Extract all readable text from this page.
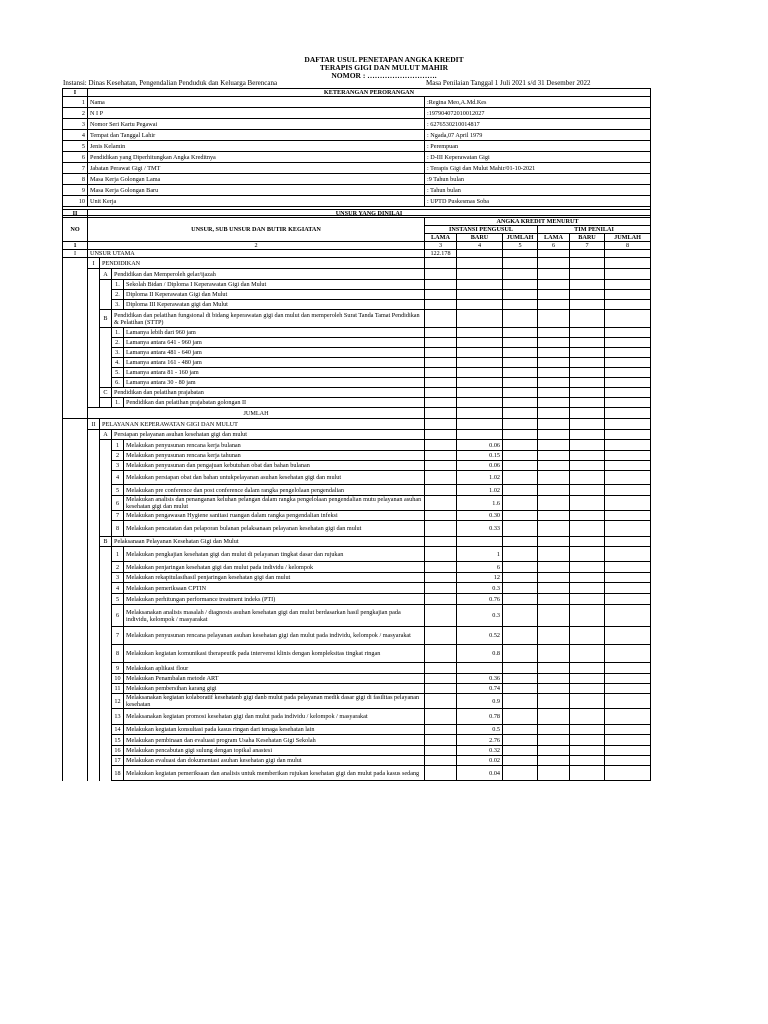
DAFTAR USUL PENETAPAN ANGKA KREDIT
TERAPIS GIGI DAN MULUT MAHIR
NOMOR : ……………………….
Instansi: Dinas Kesehatan, Pengendalian Penduduk dan Keluarga Berencana	Masa Penilaian Tanggal 1 Juli 2021 s/d 31 Desember 2022
I	KETERANGAN PERORANGAN	
1	Nama	:Regina Meo,A.Md.Kes
2	N I P	:197904072010012027
3	Nomor Seri Kartu Pegawai	: 6276530210014817
4	Tempat dan Tanggal Lahir	: Ngada,07 April 1979
5	Jenis Kelamin	: Perempuan
6	Pendidikan yang Diperhitungkan Angka Kreditnya	: D-III Keperawatan Gigi
7	Jabatan Perawat Gigi / TMT	: Terapis Gigi dan Mulut Mahir/01-10-2021
8	Masa Kerja Golongan Lama	:9 Tahun bulan
9	Masa Kerja Golongan Baru	: Tahun bulan
10	Unit Kerja	: UPTD Puskesmas Soba

II	UNSUR YANG DINILAI									
NO	UNSUR, SUB UNSUR DAN BUTIR KEGIATAN				ANGKA KREDIT MENURUT					
					INSTANSI PENGUSUL			TIM PENILAI		
					LAMA	BARU	JUMLAH	LAMA	BARU	JUMLAH
1	2				3	4	5	6	7	8
I	UNSUR UTAMA				122.178					
	I	PENDIDIKAN								
		A	Pendidikan dan Memperoleh gelar/ijazah							
			1.	Sekolah Bidan / Diploma I Keperawatan Gigi dan Mulut						
			2.	Diploma II Keperawatan Gigi dan Mulut						
			3.	Diploma III Keperawatan gigi dan Mulut						
		B	Pendidikan dan pelatihan fungsional di bidang keperawatan gigi dan mulut dan memperoleh Surat Tanda Tamat Pendidikan & Pelatihan (STTP)							
			1.	Lamanya lebih dari 960 jam						
			2.	Lamanya antara 641 - 960 jam						
			3.	Lamanya antara 481 - 640 jam						
			4.	Lamanya antara 161 - 480 jam						
			5.	Lamanya antara 81 - 160 jam						
			6.	Lamanya antara 30 - 80 jam						
		C	Pendidikan dan pelatihan prajabatan							
			1.	Pendidikan dan pelatihan prajabatan golongan II						
	JUMLAH									
	II	PELAYANAN KEPERAWATAN GIGI DAN MULUT								
		A	Persiapan pelayanan asuhan kesehatan gigi dan mulut							
			1	Melakukan penyusunan rencana kerja bulanan		0.06				
			2	Melakukan penyusunan rencana kerja tahunan		0.15				
			3	Melakukan penyusunan dan pengajuan kebutuhan obat dan bahan bulanan		0.06				
			4	Melakukan persiapan obat dan bahan untukpelayanan asuhan kesehatan gigi dan mulut		1.02				
			5	Melakukan pre conference dan post conference dalam rangka pengelolaan pengendalian		1.02				
			6	Melakukan analisis dan penanganan keluhan pelangan dalam rangka pengelolaan pengendalian mutu pelayanan asuhan kesehatan gigi dan mulut		1.6				
			7	Melakukan pengawasan Hygiene sanitasi ruangan dalam rangka pengendalian infeksi		0.30				
			8	Melakukan pencatatan dan pelaporan bulanan pelaksanaan pelayanan kesehatan gigi dan mulut		0.33				
		B	Pelaksanaan Pelayanan Kesehatan Gigi dan Mulut							
			1	Melakukan pengkajian kesehatan gigi dan mulut di pelayanan tingkat dasar dan rujukan		1				
			2	Melakukan penjaringan kesehatan gigi dan mulut pada individu / kelompok		6				
			3	Melakukan rekapitulasihasil penjaringan kesehatan gigi dan mulut		12				
			4	Melakukan pemeriksaan CPTIN		0.3				
			5	Melakukan perhitungan performance treatment indeks (PTI)		0.76				
			6	Melaksanakan analisis masalah / diagnosis asuhan kesehatan gigi dan mulut berdasarkan hasil pengkajian pada individu, kelompok / masyarakat		0.3				
			7	Melakukan penyusunan rencana pelayanan asuhan kesehatan gigi dan mulut pada individu, kelompok / masyarakat		0.52				
			8	Melakukan kegiatan komunikasi therapeutik pada intervensi klinis dengan kompleksitas tingkat ringan		0.8				
			9	Melakukan aplikasi flour						
			10	Melakukan Penambalan metode ART		0.36				
			11	Melakukan pembersihan karang gigi		0.74				
			12	Melaksanakan kegiatan kolaboratif kesehatanb gigi danb mulut pada pelayanan medik dasar gigi di fasilitas pelayanan kesehatan		0.9				
			13	Melaksanakan kegiatan promosi kesehatan gigi dan mulut pada individu / kelompok / masyarakat		0.78				
			14	Melakukan kegiatan konsultasi pada kasus ringan dari tenaga kesehatan lain		0.5				
			15	Melakukan pembinaan dan evaluasi program Usaha Kesehatan Gigi Sekolah		2.76				
			16	Melakukan pencabutan gigi sulung dengan topikal anastesi		0.32				
			17	Melakukan evaluasi dan dokumentasi asuhan kesehatan gigi dan mulut		0.02				
			18	Melakukan kegiatan pemeriksaan dan analisis untuk memberikan rujukan kesehatan gigi dan mulut pada kasus sedang		0.04				
